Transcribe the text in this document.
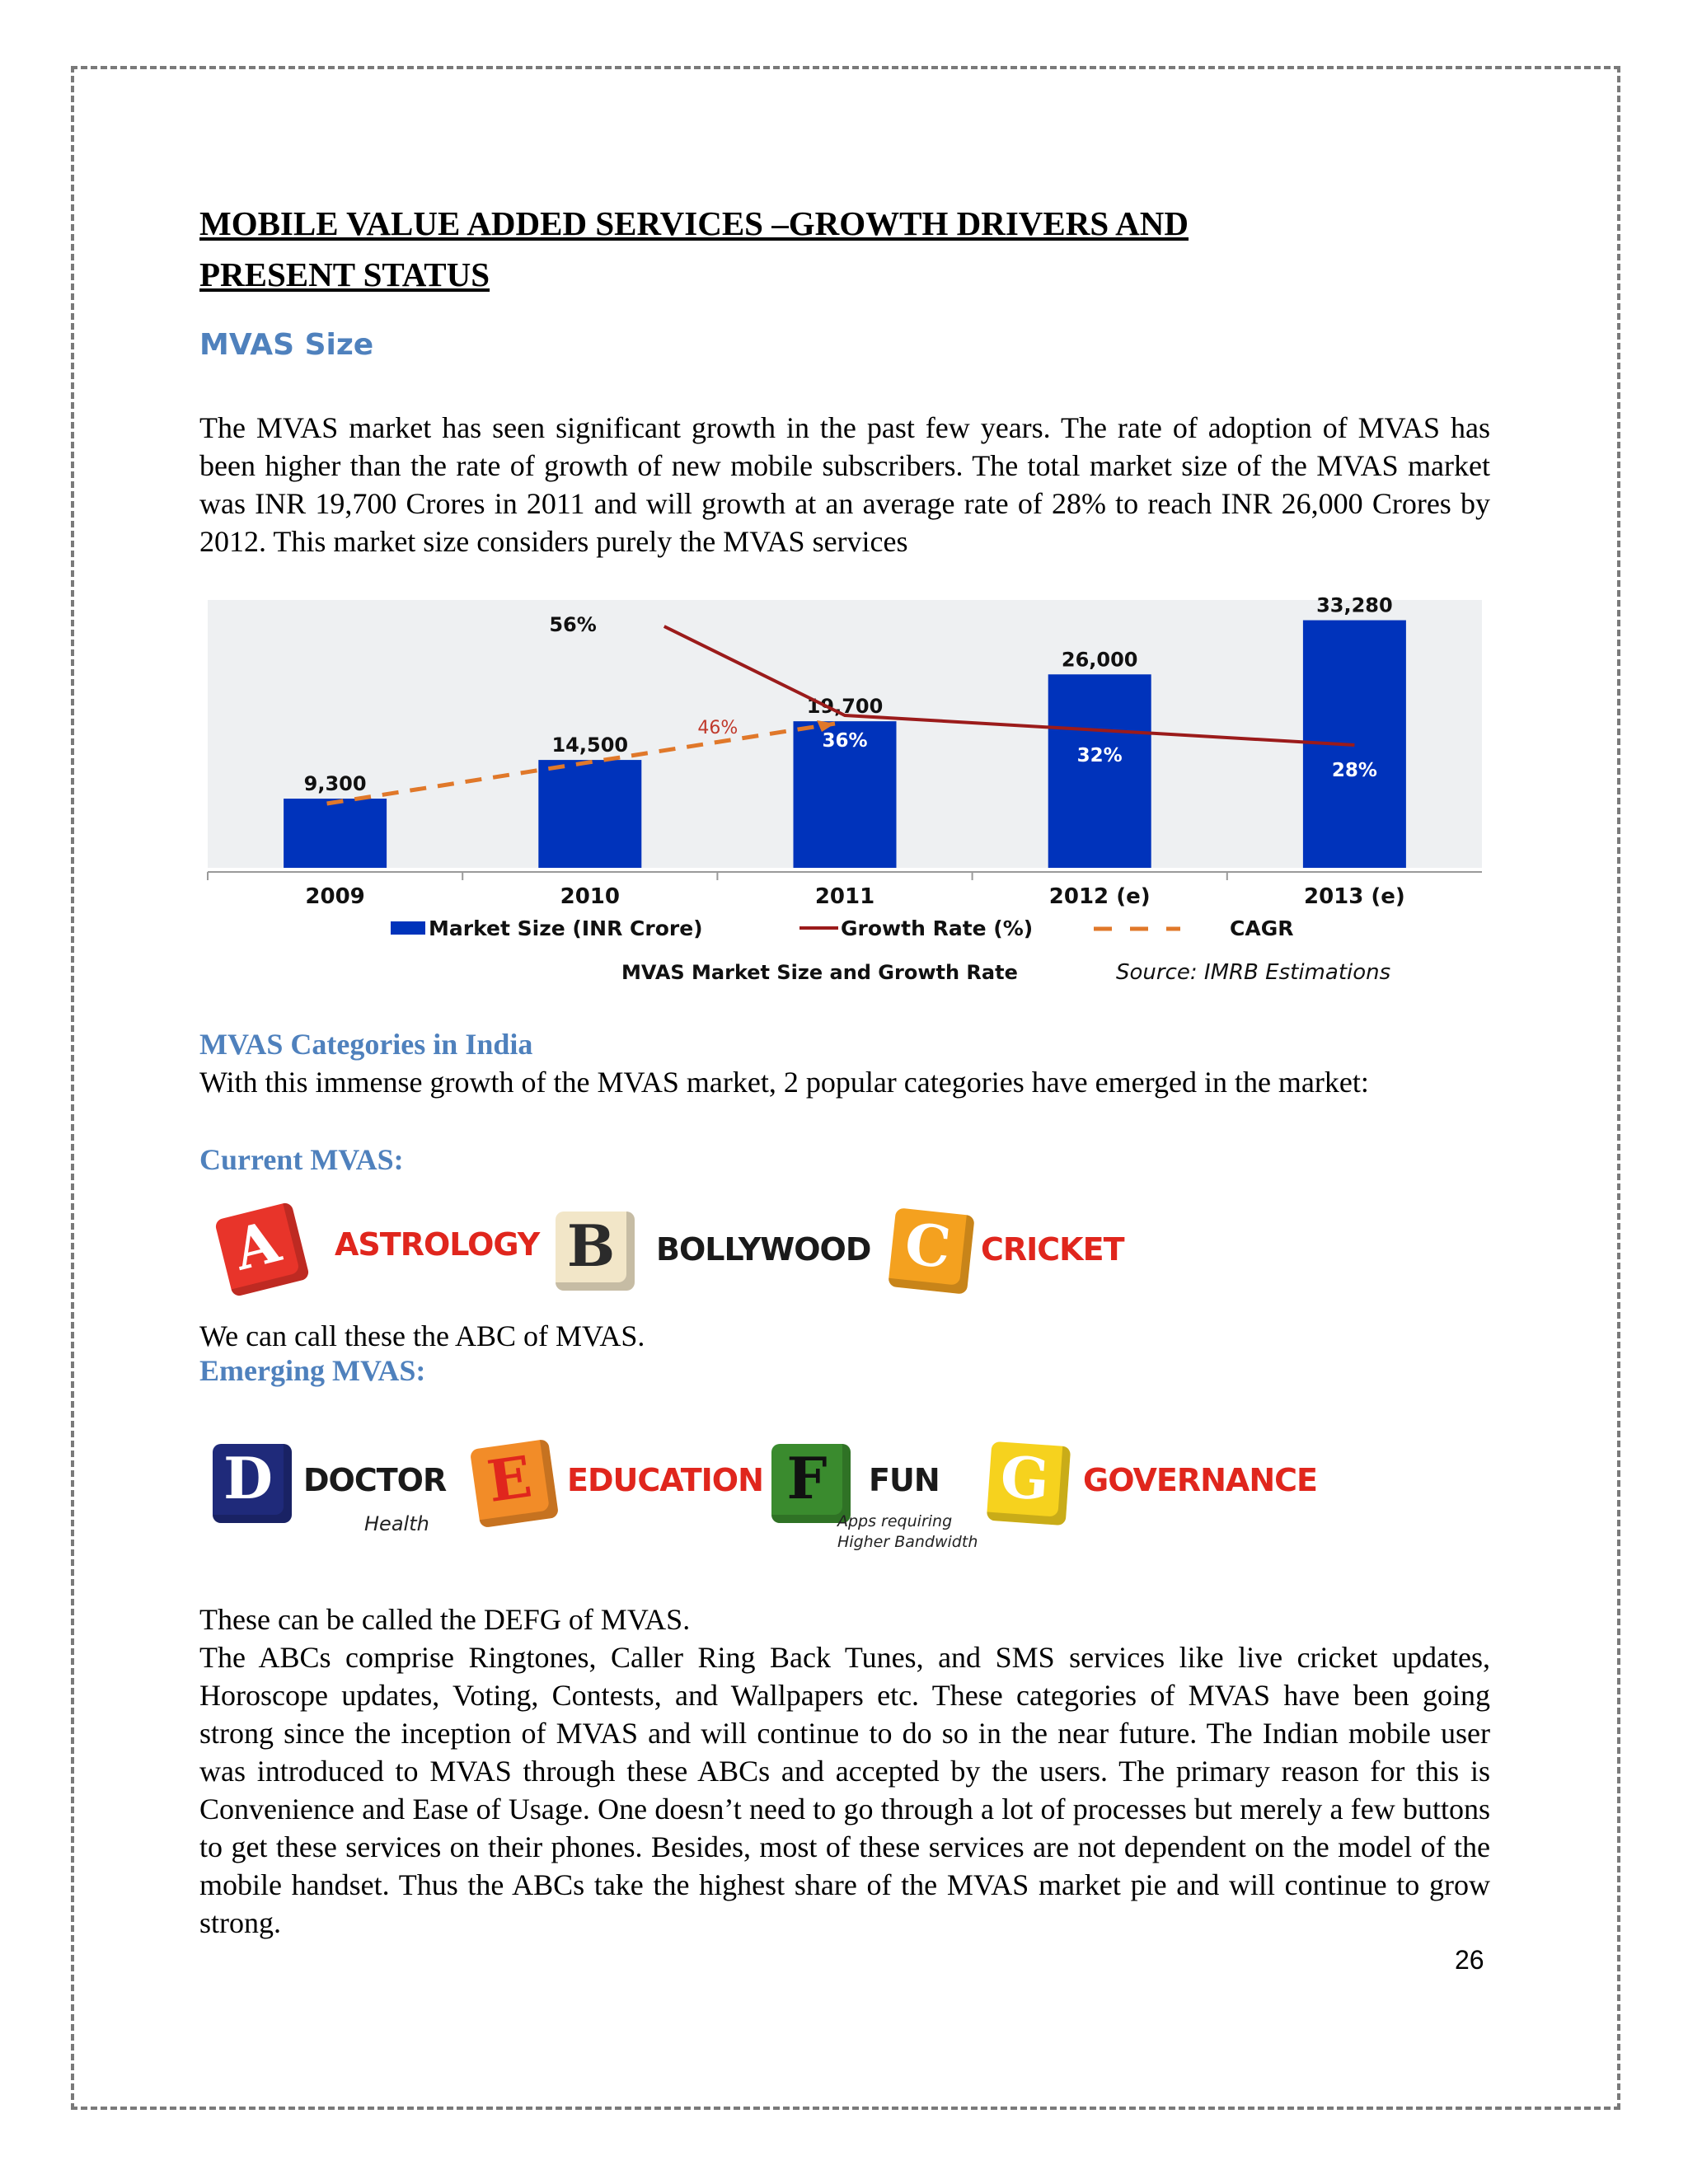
MOBILE VALUE ADDED SERVICES –GROWTH DRIVERS AND

PRESENT STATUS

MVAS Size

The MVAS market has seen significant growth in the past few years. The rate of adoption of MVAS has been higher than the rate of growth of new mobile subscribers. The total market size of the MVAS market was INR 19,700 Crores in 2011 and will growth at an average rate of 28% to reach INR 26,000 Crores by 2012. This market size considers purely the MVAS services

9,300
14,500
19,700
26,000
33,280
46%
56%
36%
32%
28%
2009	2010	2011	2012 (e)	2013 (e)
Market Size (INR Crore)	Growth Rate (%)	CAGR
MVAS Market Size and Growth Rate	Source: IMRB Estimations

MVAS Categories in India

With this immense growth of the MVAS market, 2 popular categories have emerged in the market:

Current MVAS:

A	ASTROLOGY B	BOLLYWOOD C CRICKET

We can call these the ABC of MVAS.

Emerging MVAS:

D DOCTOR
Health
E	EDUCATION F	FUN
Apps requiring Higher Bandwidth
G	GOVERNANCE

These can be called the DEFG of MVAS.

The ABCs comprise Ringtones, Caller Ring Back Tunes, and SMS services like live cricket updates, Horoscope updates, Voting, Contests, and Wallpapers etc. These categories of MVAS have been going strong since the inception of MVAS and will continue to do so in the near future. The Indian mobile user was introduced to MVAS through these ABCs and accepted by the users. The primary reason for this is Convenience and Ease of Usage. One doesn’t need to go through a lot of processes but merely a few buttons to get these services on their phones. Besides, most of these services are not dependent on the model of the mobile handset. Thus the ABCs take the highest share of the MVAS market pie and will continue to grow strong.

26
